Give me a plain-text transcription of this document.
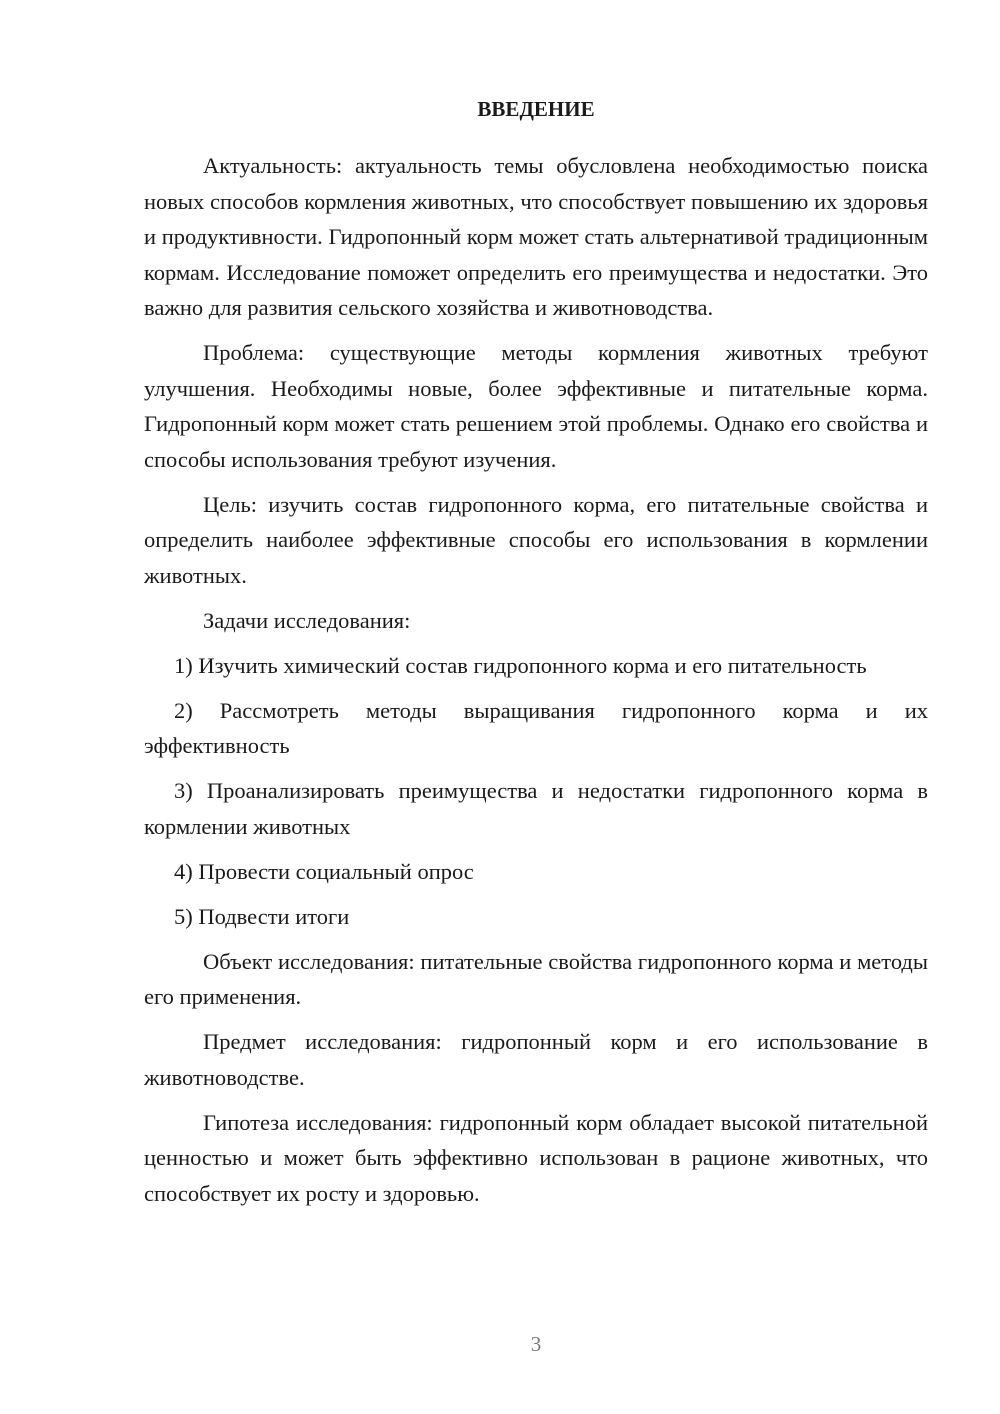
ВВЕДЕНИЕ

Актуальность: актуальность темы обусловлена необходимостью поиска новых способов кормления животных, что способствует повышению их здоровья и продуктивности. Гидропонный корм может стать альтернативой традиционным кормам. Исследование поможет определить его преимущества и недостатки. Это важно для развития сельского хозяйства и животноводства.

Проблема: существующие методы кормления животных требуют улучшения. Необходимы новые, более эффективные и питательные корма. Гидропонный корм может стать решением этой проблемы. Однако его свойства и способы использования требуют изучения.

Цель: изучить состав гидропонного корма, его питательные свойства и определить наиболее эффективные способы его использования в кормлении животных.

Задачи исследования:

1) Изучить химический состав гидропонного корма и его питательность

2) Рассмотреть методы выращивания гидропонного корма и их эффективность

3) Проанализировать преимущества и недостатки гидропонного корма в кормлении животных

4) Провести социальный опрос

5) Подвести итоги

Объект исследования: питательные свойства гидропонного корма и методы его применения.

Предмет исследования: гидропонный корм и его использование в животноводстве.

Гипотеза исследования: гидропонный корм обладает высокой питательной ценностью и может быть эффективно использован в рационе животных, что способствует их росту и здоровью.

3
